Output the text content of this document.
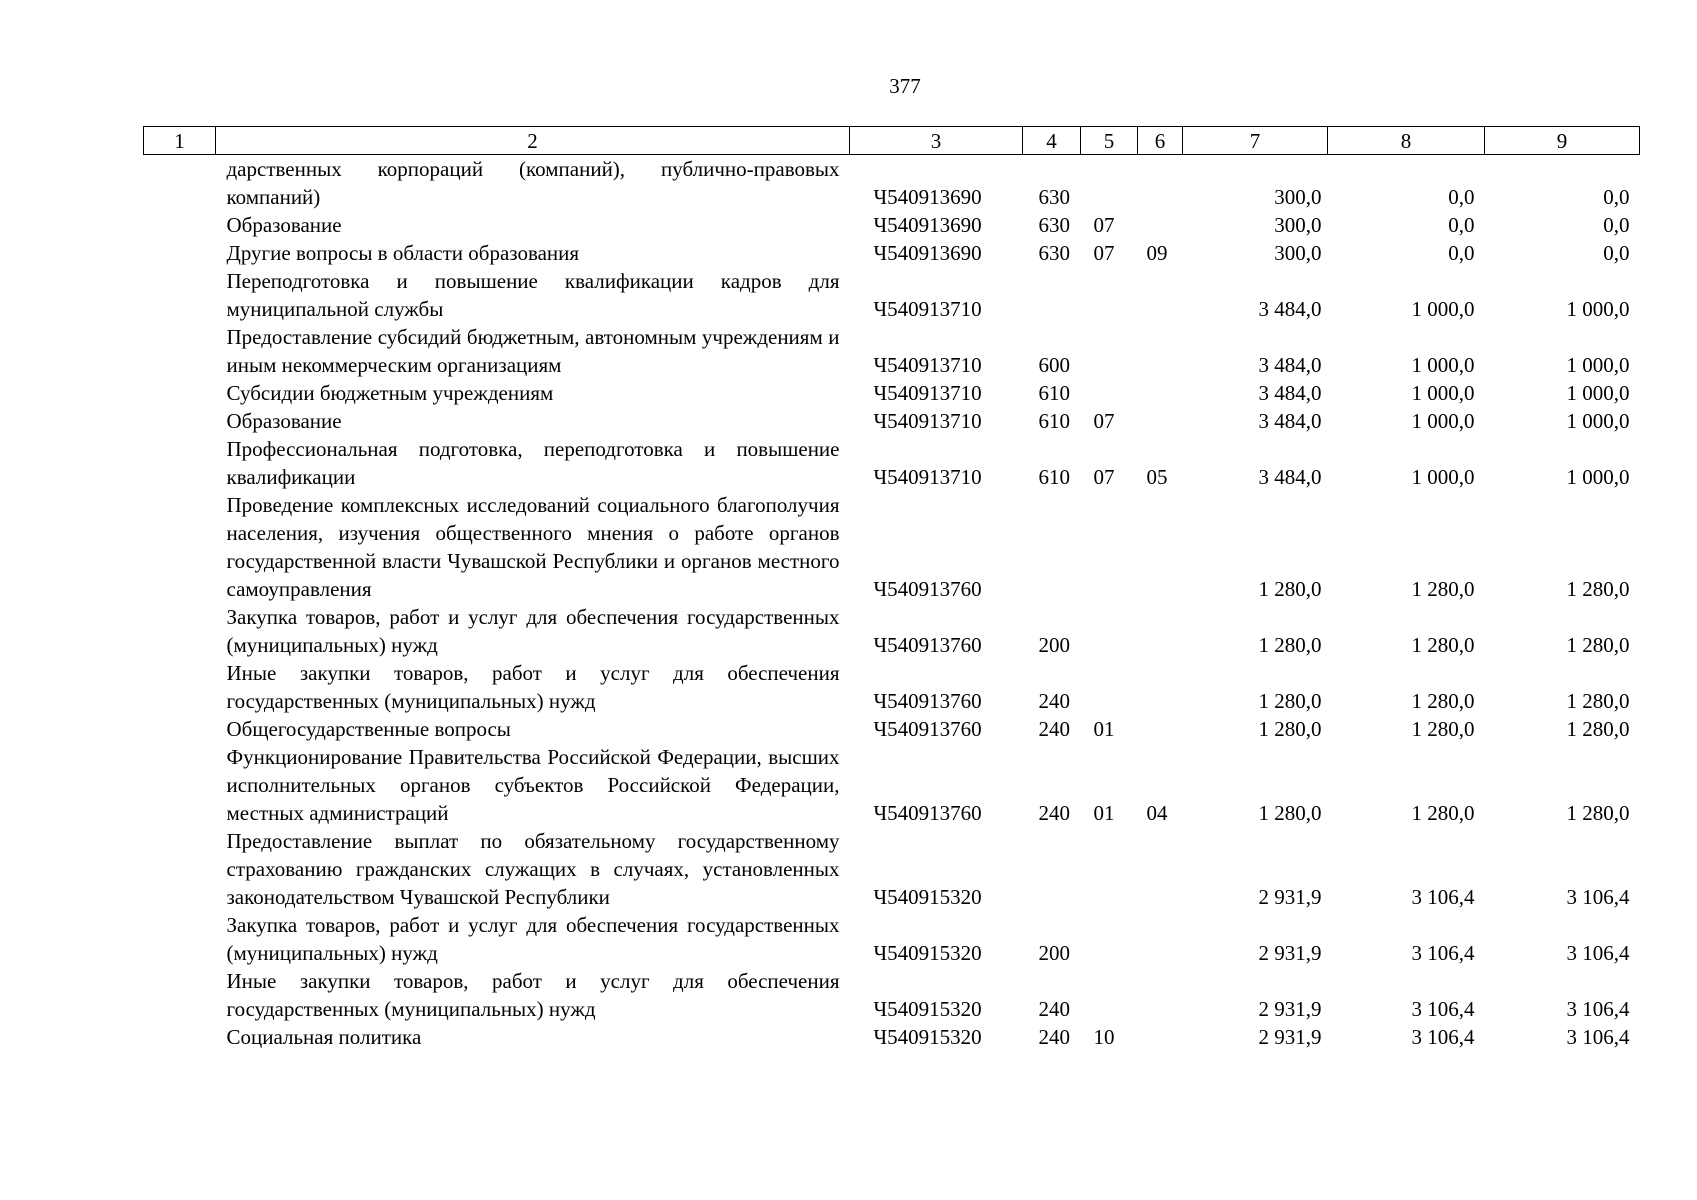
377
1	2	3	4	5	6	7	8	9
	дарственных корпораций (компаний), публично-правовых компаний)	Ч540913690	630			300,0	0,0	0,0
	Образование	Ч540913690	630	07		300,0	0,0	0,0
	Другие вопросы в области образования	Ч540913690	630	07	09	300,0	0,0	0,0
	Переподготовка и повышение квалификации кадров для муниципальной службы	Ч540913710				3 484,0	1 000,0	1 000,0
	Предоставление субсидий бюджетным, автономным учреждениям и иным некоммерческим организациям	Ч540913710	600			3 484,0	1 000,0	1 000,0
	Субсидии бюджетным учреждениям	Ч540913710	610			3 484,0	1 000,0	1 000,0
	Образование	Ч540913710	610	07		3 484,0	1 000,0	1 000,0
	Профессиональная подготовка, переподготовка и повышение квалификации	Ч540913710	610	07	05	3 484,0	1 000,0	1 000,0
	Проведение комплексных исследований социального благополучия населения, изучения общественного мнения о работе органов государственной власти Чувашской Республики и органов местного самоуправления	Ч540913760				1 280,0	1 280,0	1 280,0
	Закупка товаров, работ и услуг для обеспечения государственных (муниципальных) нужд	Ч540913760	200			1 280,0	1 280,0	1 280,0
	Иные закупки товаров, работ и услуг для обеспечения государственных (муниципальных) нужд	Ч540913760	240			1 280,0	1 280,0	1 280,0
	Общегосударственные вопросы	Ч540913760	240	01		1 280,0	1 280,0	1 280,0
	Функционирование Правительства Российской Федерации, высших исполнительных органов субъектов Российской Федерации, местных администраций	Ч540913760	240	01	04	1 280,0	1 280,0	1 280,0
	Предоставление выплат по обязательному государственному страхованию гражданских служащих в случаях, установленных законодательством Чувашской Республики	Ч540915320				2 931,9	3 106,4	3 106,4
	Закупка товаров, работ и услуг для обеспечения государственных (муниципальных) нужд	Ч540915320	200			2 931,9	3 106,4	3 106,4
	Иные закупки товаров, работ и услуг для обеспечения государственных (муниципальных) нужд	Ч540915320	240			2 931,9	3 106,4	3 106,4
	Социальная политика	Ч540915320	240	10		2 931,9	3 106,4	3 106,4
